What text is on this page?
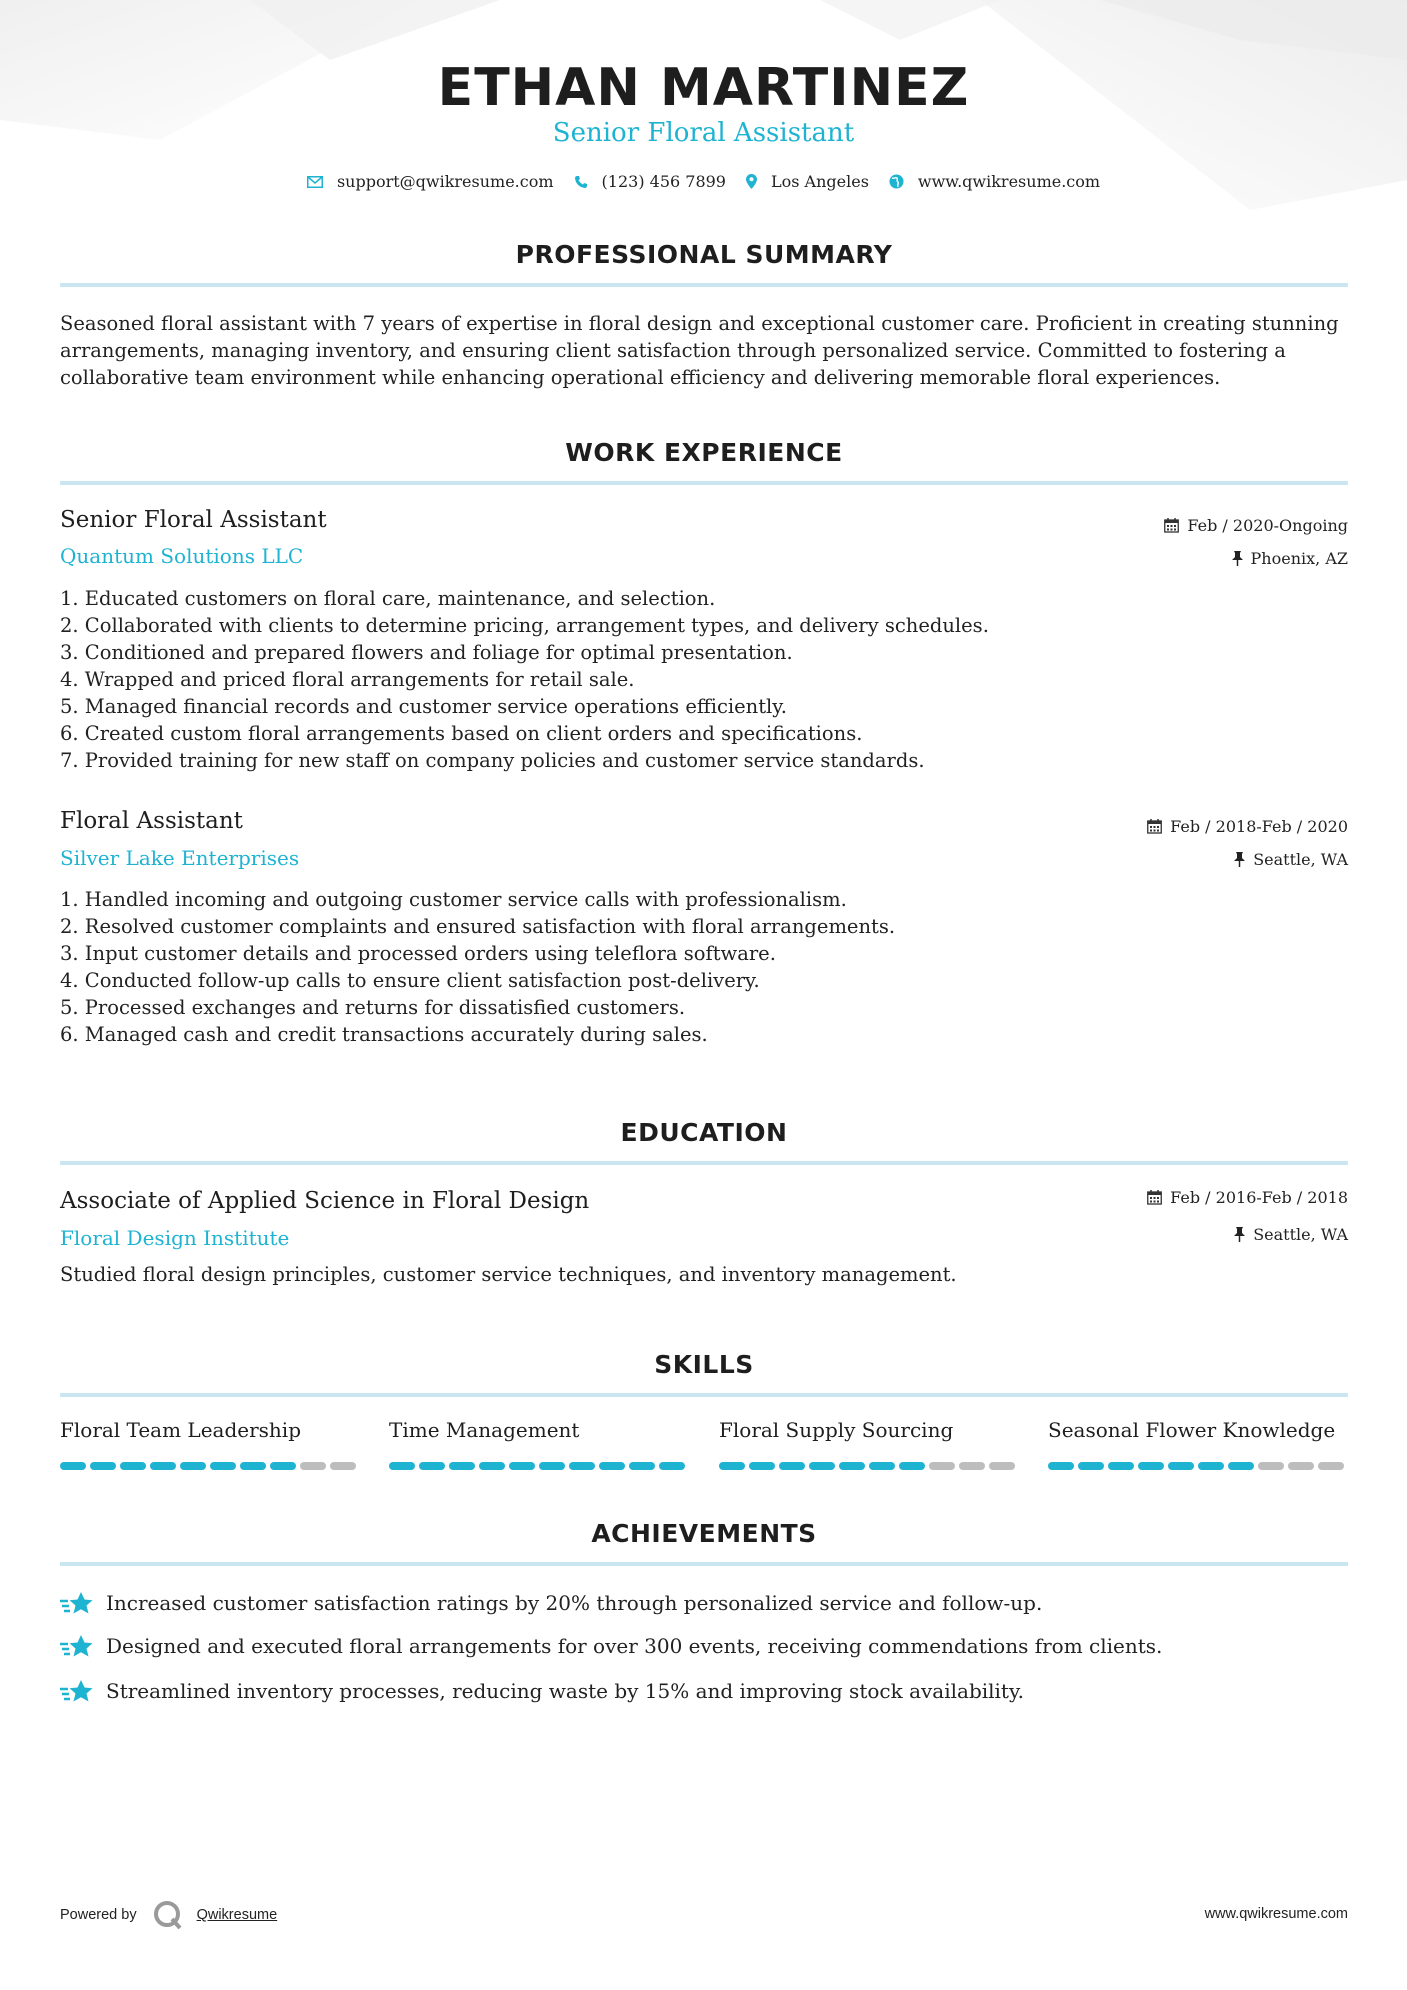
ETHAN MARTINEZ
Senior Floral Assistant
support@qwikresume.com	(123) 456 7899	Los Angeles	www.qwikresume.com
PROFESSIONAL SUMMARY
Seasoned floral assistant with 7 years of expertise in floral design and exceptional customer care. Proficient in creating stunning arrangements, managing inventory, and ensuring client satisfaction through personalized service. Committed to fostering a collaborative team environment while enhancing operational efficiency and delivering memorable floral experiences.
WORK EXPERIENCE
Senior Floral Assistant
Quantum Solutions LLC
Feb / 2020-Ongoing
Phoenix, AZ
1. Educated customers on floral care, maintenance, and selection.
2. Collaborated with clients to determine pricing, arrangement types, and delivery schedules.
3. Conditioned and prepared flowers and foliage for optimal presentation.
4. Wrapped and priced floral arrangements for retail sale.
5. Managed financial records and customer service operations efficiently.
6. Created custom floral arrangements based on client orders and specifications.
7. Provided training for new staff on company policies and customer service standards.
Floral Assistant
Silver Lake Enterprises
Feb / 2018-Feb / 2020
Seattle, WA
1. Handled incoming and outgoing customer service calls with professionalism.
2. Resolved customer complaints and ensured satisfaction with floral arrangements.
3. Input customer details and processed orders using teleflora software.
4. Conducted follow-up calls to ensure client satisfaction post-delivery.
5. Processed exchanges and returns for dissatisfied customers.
6. Managed cash and credit transactions accurately during sales.
EDUCATION
Associate of Applied Science in Floral Design
Floral Design Institute
Feb / 2016-Feb / 2018
Seattle, WA
Studied floral design principles, customer service techniques, and inventory management.
SKILLS
Floral Team Leadership	Time Management	Floral Supply Sourcing	Seasonal Flower Knowledge
ACHIEVEMENTS
Increased customer satisfaction ratings by 20% through personalized service and follow-up.
Designed and executed floral arrangements for over 300 events, receiving commendations from clients.
Streamlined inventory processes, reducing waste by 15% and improving stock availability.
Powered by	Qwikresume	www.qwikresume.com
